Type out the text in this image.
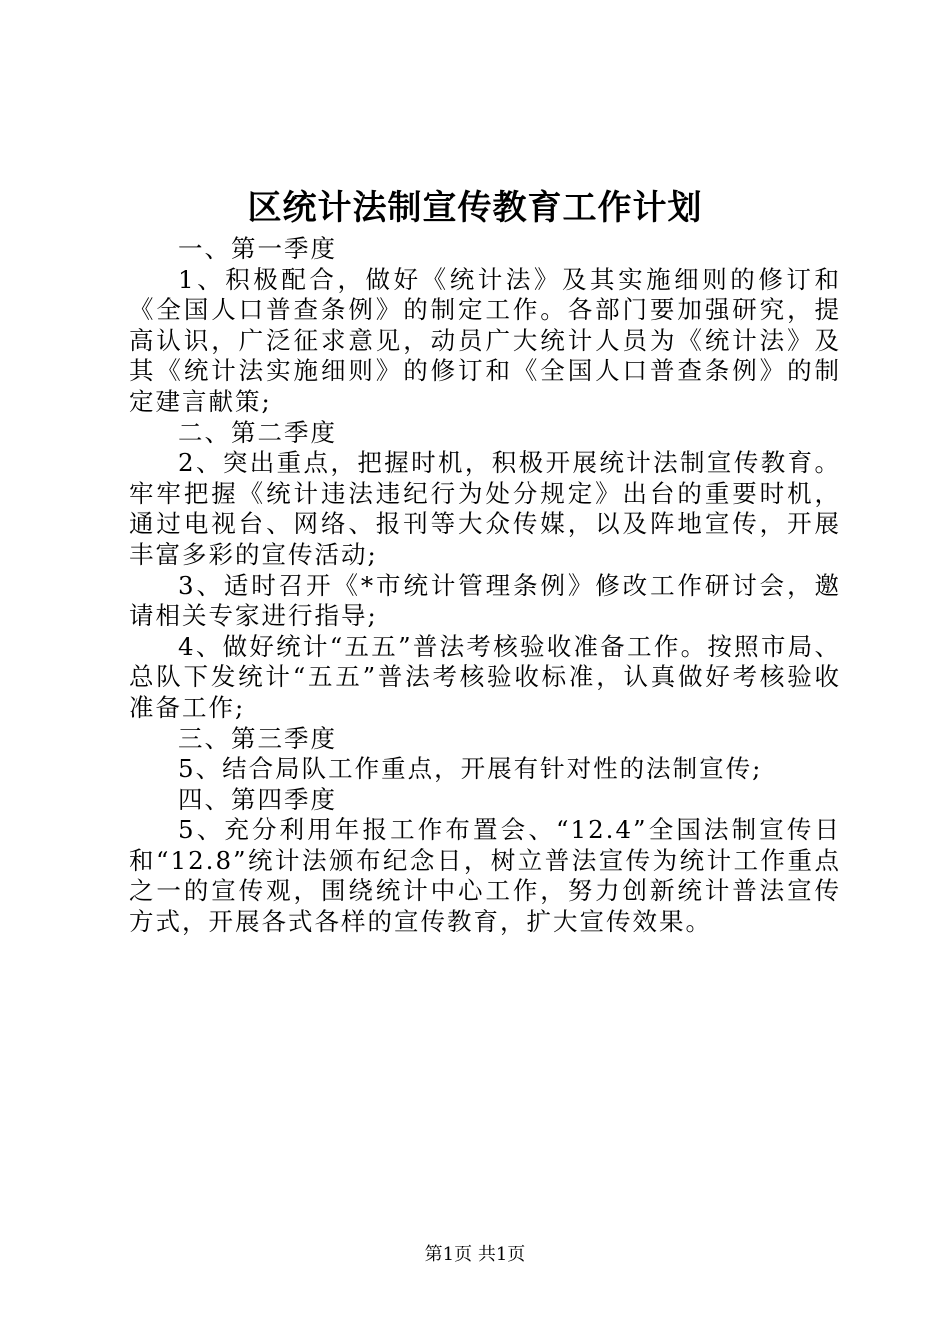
区统计法制宣传教育工作计划

一、第一季度

1、积极配合，做好《统计法》及其实施细则的修订和《全国人口普查条例》的制定工作。各部门要加强研究，提高认识，广泛征求意见，动员广大统计人员为《统计法》及其《统计法实施细则》的修订和《全国人口普查条例》的制定建言献策;

二、第二季度

2、突出重点，把握时机，积极开展统计法制宣传教育。牢牢把握《统计违法违纪行为处分规定》出台的重要时机，通过电视台、网络、报刊等大众传媒，以及阵地宣传，开展丰富多彩的宣传活动;

3、适时召开《*市统计管理条例》修改工作研讨会，邀请相关专家进行指导;

4、做好统计“五五”普法考核验收准备工作。按照市局、总队下发统计“五五”普法考核验收标准，认真做好考核验收准备工作;

三、第三季度

5、结合局队工作重点，开展有针对性的法制宣传;

四、第四季度

5、充分利用年报工作布置会、“12.4”全国法制宣传日和“12.8”统计法颁布纪念日，树立普法宣传为统计工作重点之一的宣传观，围绕统计中心工作，努力创新统计普法宣传方式，开展各式各样的宣传教育，扩大宣传效果。

第1页 共1页
